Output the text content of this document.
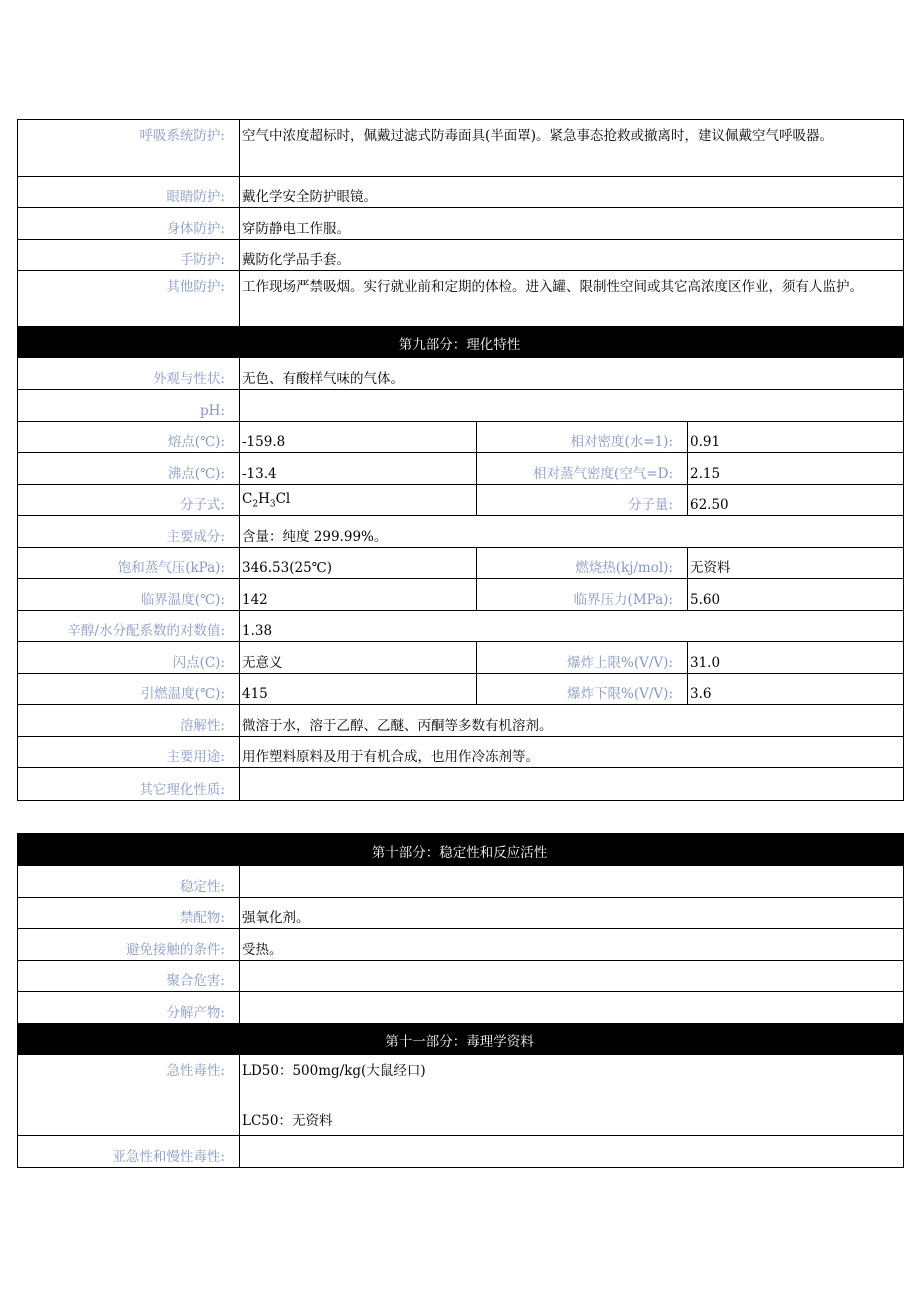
呼吸系统防护:	空气中浓度超标时，佩戴过滤式防毒面具(半面罩)。紧急事态抢救或撤离时，建议佩戴空气呼吸器。		
眼睛防护:	戴化学安全防护眼镜。		
身体防护:	穿防静电工作服。		
手防护:	戴防化学品手套。		
其他防护:	工作现场严禁吸烟。实行就业前和定期的体检。进入罐、限制性空间或其它高浓度区作业，须有人监护。		
第九部分：理化特性			
外观与性状:	无色、有酸样气味的气体。		
pH:			
熔点(℃):	-159.8	相对密度(水=1):	0.91
沸点(℃):	-13.4	相对蒸气密度(空气=D:	2.15
分子式:	$C_2H_3Cl$	分子量:	62.50
主要成分:	含量：纯度 299.99%。		
饱和蒸气压(kPa):	346.53(25℃)	燃烧热(kj/mol):	无资料
临界温度(℃):	142	临界压力(MPa):	5.60
辛醇/水分配系数的对数值:	1.38		
闪点(C):	无意义	爆炸上限%(V/V):	31.0
引燃温度(℃):	415	爆炸下限%(V/V):	3.6
溶解性:	微溶于水，溶于乙醇、乙醚、丙酮等多数有机溶剂。		
主要用途:	用作塑料原料及用于有机合成，也用作冷冻剂等。		
其它理化性质:			
第十部分：稳定性和反应活性	
稳定性:	
禁配物:	强氧化剂。
避免接触的条件:	受热。
聚合危害:	
分解产物:	
第十一部分：毒理学资料	
急性毒性:	LD50：500mg/kg(大鼠经口)
LC50：无资料

亚急性和慢性毒性:	
